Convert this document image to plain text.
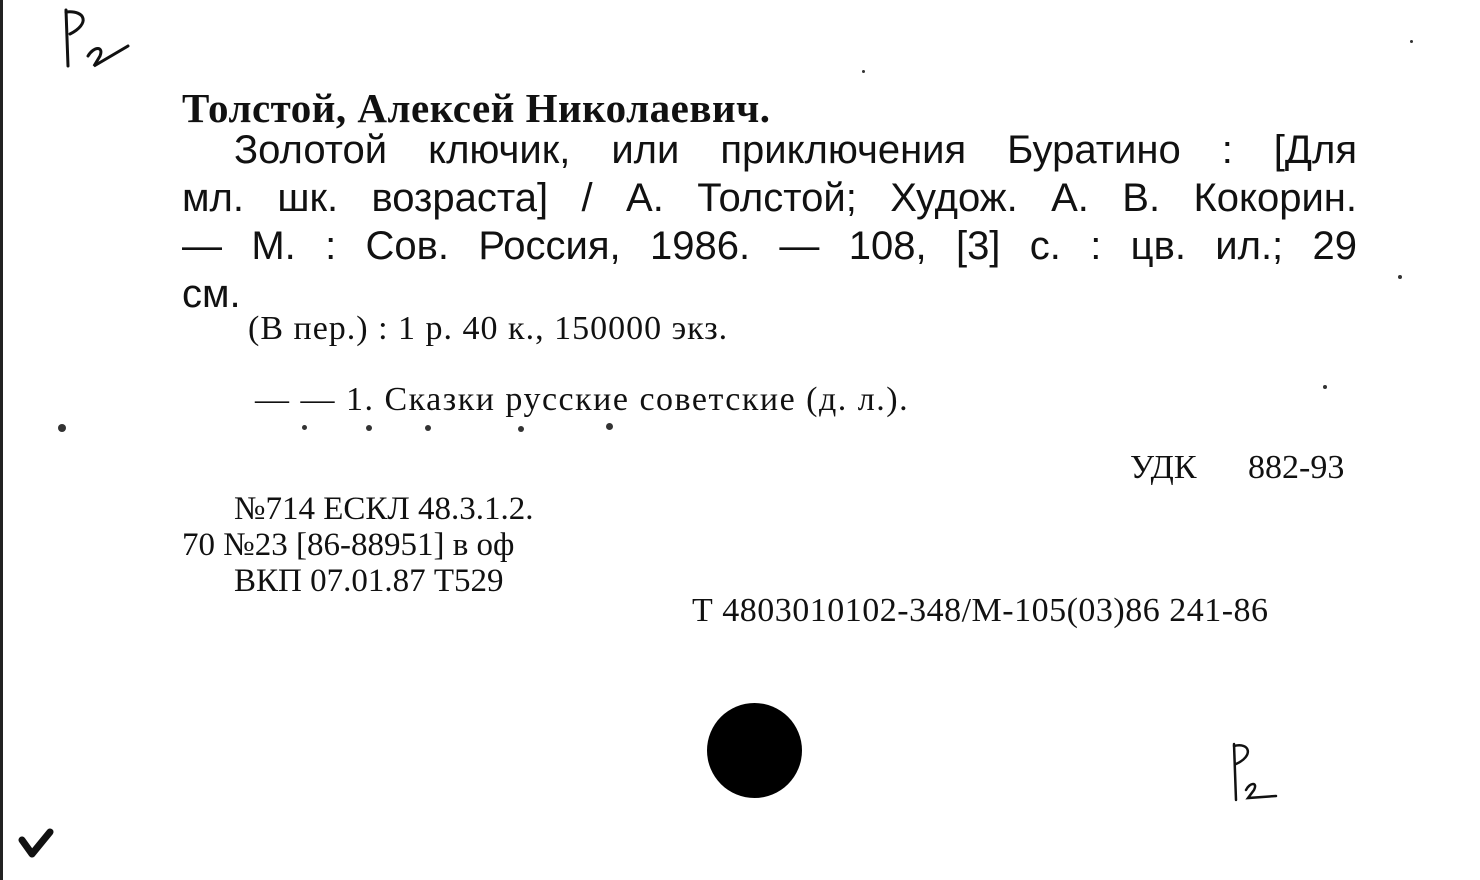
Толстой, Алексей Николаевич.
Золотой ключик, или приключения Буратино : [Для
мл. шк. возраста] / А. Толстой; Худож. А. В. Кокорин.
— М. : Сов. Россия, 1986. — 108, [3] с. : цв. ил.; 29
см.
(В пер.) : 1 р. 40 к., 150000 экз.
— — 1. Сказки русские советские (д. л.).
УДК 882-93
№714 ЕСКЛ 48.3.1.2.
70 №23 [86-88951] в оф
ВКП 07.01.87 Т529
Т 4803010102-348/М-105(03)86 241-86
